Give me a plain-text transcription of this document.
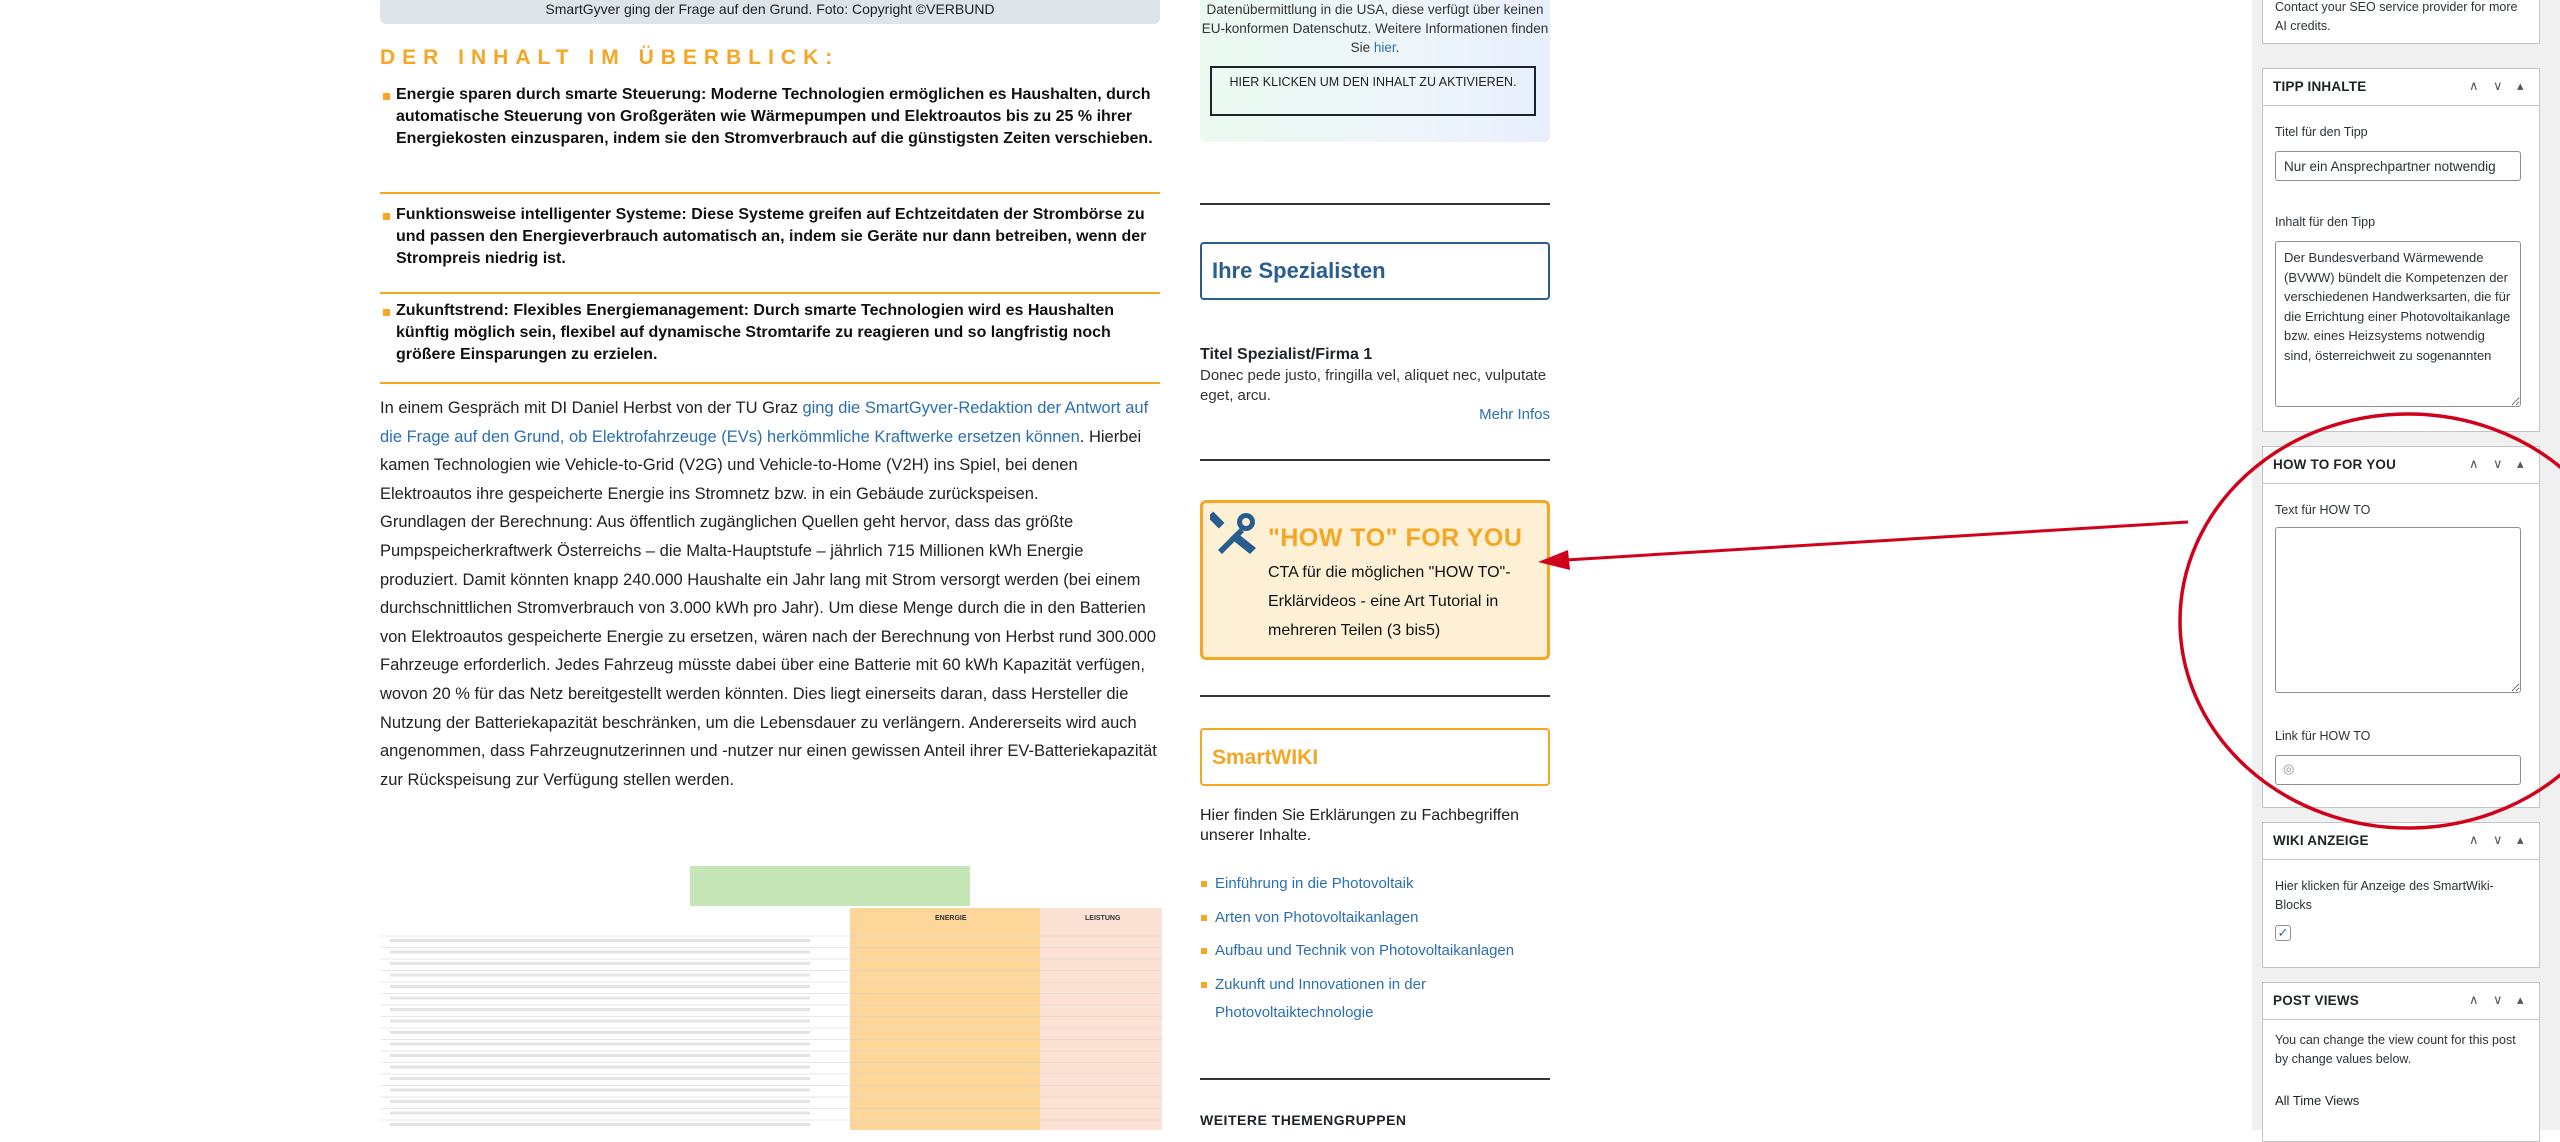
SmartGyver ging der Frage auf den Grund. Foto: Copyright ©VERBUND
DER INHALT IM ÜBERBLICK:
Energie sparen durch smarte Steuerung: Moderne Technologien ermöglichen es Haushalten, durch automatische Steuerung von Großgeräten wie Wärmepumpen und Elektroautos bis zu 25 % ihrer Energiekosten einzusparen, indem sie den Stromverbrauch auf die günstigsten Zeiten verschieben.
Funktionsweise intelligenter Systeme: Diese Systeme greifen auf Echtzeitdaten der Strombörse zu und passen den Energieverbrauch automatisch an, indem sie Geräte nur dann betreiben, wenn der Strompreis niedrig ist.
Zukunftstrend: Flexibles Energiemanagement: Durch smarte Technologien wird es Haushalten künftig möglich sein, flexibel auf dynamische Stromtarife zu reagieren und so langfristig noch größere Einsparungen zu erzielen.
In einem Gespräch mit DI Daniel Herbst von der TU Graz ging die SmartGyver-Redaktion der Antwort auf die Frage auf den Grund, ob Elektrofahrzeuge (EVs) herkömmliche Kraftwerke ersetzen können. Hierbei kamen Technologien wie Vehicle-to-Grid (V2G) und Vehicle-to-Home (V2H) ins Spiel, bei denen Elektroautos ihre gespeicherte Energie ins Stromnetz bzw. in ein Gebäude zurückspeisen.
Grundlagen der Berechnung: Aus öffentlich zugänglichen Quellen geht hervor, dass das größte Pumpspeicherkraftwerk Österreichs – die Malta-Hauptstufe – jährlich 715 Millionen kWh Energie produziert. Damit könnten knapp 240.000 Haushalte ein Jahr lang mit Strom versorgt werden (bei einem durchschnittlichen Stromverbrauch von 3.000 kWh pro Jahr). Um diese Menge durch die in den Batterien von Elektroautos gespeicherte Energie zu ersetzen, wären nach der Berechnung von Herbst rund 300.000 Fahrzeuge erforderlich. Jedes Fahrzeug müsste dabei über eine Batterie mit 60 kWh Kapazität verfügen, wovon 20 % für das Netz bereitgestellt werden könnten. Dies liegt einerseits daran, dass Hersteller die Nutzung der Batteriekapazität beschränken, um die Lebensdauer zu verlängern. Andererseits wird auch angenommen, dass Fahrzeugnutzerinnen und -nutzer nur einen gewissen Anteil ihrer EV-Batteriekapazität zur Rückspeisung zur Verfügung stellen werden.
ENERGIE	LEISTUNG
Datenübermittlung in die USA, diese verfügt über keinen EU-konformen Datenschutz. Weitere Informationen finden Sie hier.
HIER KLICKEN UM DEN INHALT ZU AKTIVIEREN.
Ihre Spezialisten
Titel Spezialist/Firma 1
Donec pede justo, fringilla vel, aliquet nec, vulputate eget, arcu.
Mehr Infos
"HOW TO" FOR YOU
CTA für die möglichen "HOW TO"-Erklärvideos - eine Art Tutorial in mehreren Teilen (3 bis5)
SmartWIKI
Hier finden Sie Erklärungen zu Fachbegriffen unserer Inhalte.
Einführung in die Photovoltaik
Arten von Photovoltaikanlagen
Aufbau und Technik von Photovoltaikanlagen
Zukunft und Innovationen in der Photovoltaiktechnologie
WEITERE THEMENGRUPPEN
Contact your SEO service provider for more AI credits.
TIPP INHALTE	∧ ∨ ▴
Titel für den Tipp
Nur ein Ansprechpartner notwendig
Inhalt für den Tipp
Der Bundesverband Wärmewende (BVWW) bündelt die Kompetenzen der verschiedenen Handwerksarten, die für die Errichtung einer Photovoltaikanlage bzw. eines Heizsystems notwendig sind, österreichweit zu sogenannten
HOW TO FOR YOU	∧ ∨ ▴
Text für HOW TO
Link für HOW TO
◎
WIKI ANZEIGE	∧ ∨ ▴
Hier klicken für Anzeige des SmartWiki-Blocks
✓
POST VIEWS	∧ ∨ ▴
You can change the view count for this post by change values below.
All Time Views
